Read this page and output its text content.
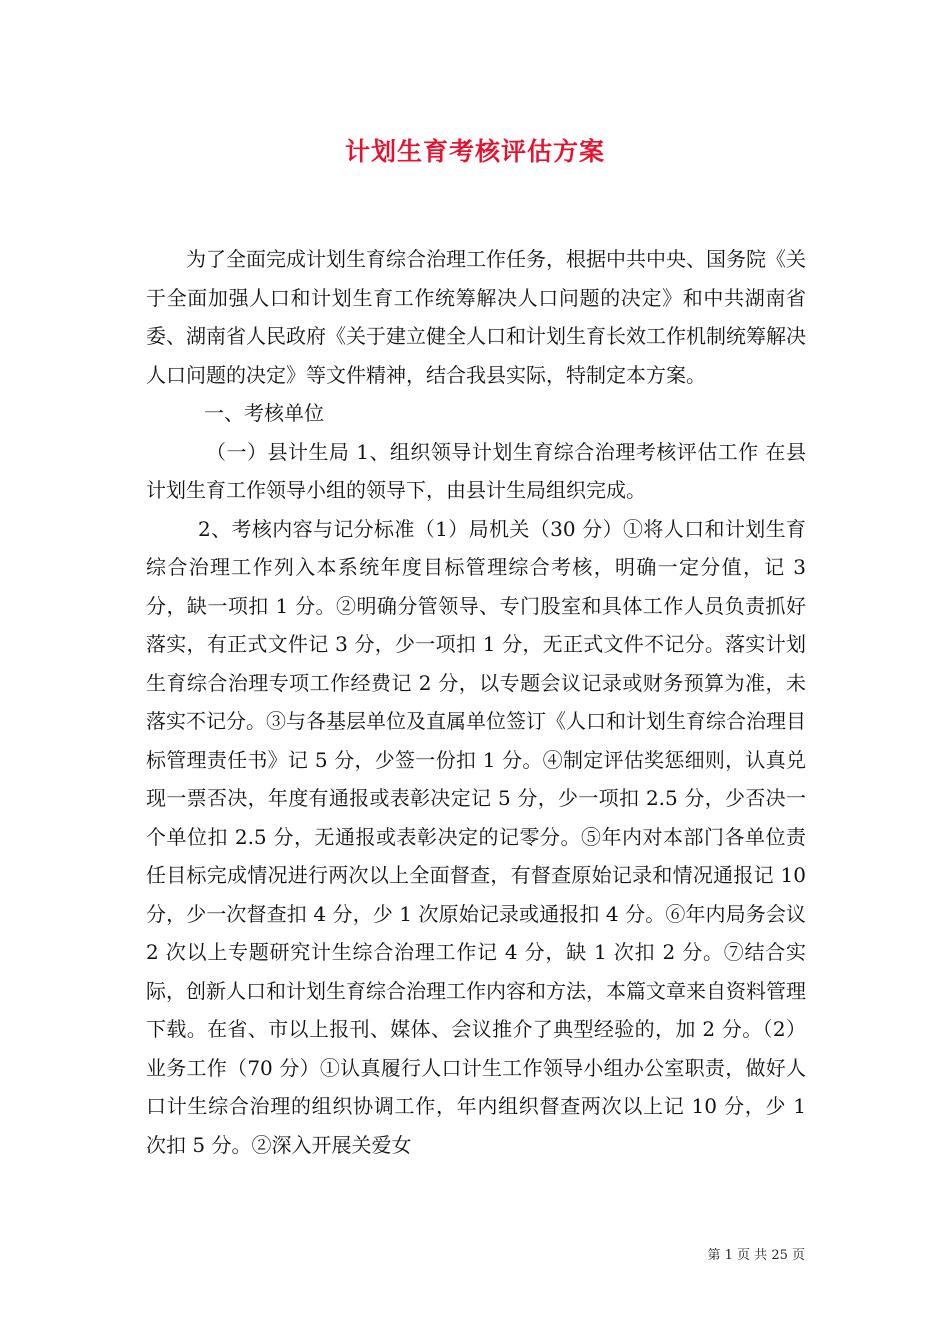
计划生育考核评估方案

为了全面完成计划生育综合治理工作任务，根据中共中央、国务院《关于全面加强人口和计划生育工作统筹解决人口问题的决定》和中共湖南省委、湖南省人民政府《关于建立健全人口和计划生育长效工作机制统筹解决人口问题的决定》等文件精神，结合我县实际，特制定本方案。

一、考核单位

（一）县计生局 1、组织领导计划生育综合治理考核评估工作 在县计划生育工作领导小组的领导下，由县计生局组织完成。

2、考核内容与记分标准（1）局机关（30 分）①将人口和计划生育综合治理工作列入本系统年度目标管理综合考核，明确一定分值，记 3 分，缺一项扣 1 分。②明确分管领导、专门股室和具体工作人员负责抓好落实，有正式文件记 3 分，少一项扣 1 分，无正式文件不记分。落实计划生育综合治理专项工作经费记 2 分，以专题会议记录或财务预算为准，未落实不记分。③与各基层单位及直属单位签订《人口和计划生育综合治理目标管理责任书》记 5 分，少签一份扣 1 分。④制定评估奖惩细则，认真兑现一票否决，年度有通报或表彰决定记 5 分，少一项扣 2.5 分，少否决一个单位扣 2.5 分，无通报或表彰决定的记零分。⑤年内对本部门各单位责任目标完成情况进行两次以上全面督查，有督查原始记录和情况通报记 10 分，少一次督查扣 4 分，少 1 次原始记录或通报扣 4 分。⑥年内局务会议 2 次以上专题研究计生综合治理工作记 4 分，缺 1 次扣 2 分。⑦结合实际，创新人口和计划生育综合治理工作内容和方法，本篇文章来自资料管理下载。在省、市以上报刊、媒体、会议推介了典型经验的，加 2 分。（2）业务工作（70 分）①认真履行人口计生工作领导小组办公室职责，做好人口计生综合治理的组织协调工作，年内组织督查两次以上记 10 分，少 1 次扣 5 分。②深入开展关爱女

第 1 页 共 25 页
